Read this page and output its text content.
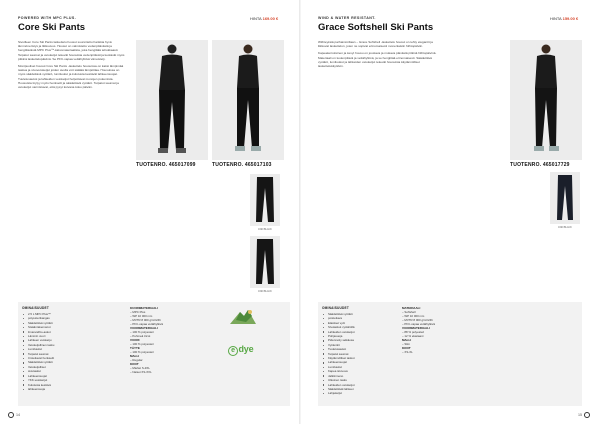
POWERED WITH MPC PLUS.	HINTA 169.00 €
Core Ski Pants

Sivuilleen Core Ski Pants laskettelu housut suunniteltu hankkia hyvä lämmöneristys ja liikkuvuus. Housut on valmistettu vedenpitävästä ja hengittävästä MPC Plus™-kalvomateriaalista, joka hengittää tehokkaasti. Teipatut saumat ja vetoketjut tekevät housuista vedenpitävät ja kestävät myös pitkinä laskettelupäivinä. Se PFC-vapaa vettähylkivä viimeistely.

Monipuoliset housut Core Ski Pants -laskettelu housuissa on kaksi lämpimää taskua ja sivuvetoketjut joiden avulla voit säätää lämpötilaa. Housuissa on myös säädettävä vyötärö, lumiluukut ja kulutusta kestävät lahkeensuojat. Tuuletusaukot ja lahkeiden vetoketjut helpottavat monojen pukemista. Housuista löytyy myös henkselit ja säädettävä vyötärö. Teipatut saumat ja vetoketjut varmistavat, että pysyt kuivana koko päivän.

TUOTENRO. 465017099	TUOTENRO. 465017103
1990 BLACK
1990 BLACK
OMINAISUUDET
2.5 L MPC Plus™
polyesterikangas
Säädettävä vyötärö
Sisäänrakennetut
ilmanvaihto-aukot
Lämmin vuori
Lahkeen vetoketju
Vetoketjullinen tasku
Lumiluukut
Teipatut saumat
Irrotettavat henkselit
Säädettävä vyötärö
Vetoketjulliset
sivutaskut
Lahkeensuojat
YKK-vetoketjut
Kulutusta kestävä
lahkeensuoja
KUORIMATERIAALI
– MPC Plus
– WP 10 000 mm
– MVTR 8 000 g/m²/24h
– PFC-vapaa vettähylkivä
VUORIMATERIAALI
– 100 % polyesteri
– Pehmeä tricot
VUORI
– 100 % polyesteri
TÄYTE
– 100 % polyesteri
MALLI
– Regular
KOOT
– Miehet S-3XL
– Naiset XS-XXL
e dye
14
WIND & WATER RESISTANT.	HINTA 159.00 €
Grace Softshell Ski Pants

Wiihteyksiä parhaimmillaan – Grace Softshell -laskettelu housut on tehty elegantit ja liikkuvat laskettelun, joten ne sopivat erinomaisesti monenlaisiin hiihtopäiviin.

Kapeakerroksinen ja kevyt housu on joustava ja mukava päivästä pitkinä hiihtopäivinä. Materiaali on tuulenpitävä ja vettähylkivä, ja se hengittää erinomaisesti. Säädettävä vyötärö, lumiluukut ja lahkeiden vetoketjut tekevät housuista käytännölliset laskettelukäyttöön.

TUOTENRO. 465017729
1990 BLACK
OMINAISUUDET
Säädettävä vyötärö
poistettava
Elastiset vyöt
Sivutaskut vyötäröllä
Lahkeiden vetoketjut
Pohjasuoja
Pidennetty selkäosa
Vyölenkit
Tuuletusaukot
Teipatut saumat
Käytännölliset taskut
Lahkeensuojat
Lumiluukut
Kapea istuvuus
Jalkiinmeno
Ulkoinen tasku
Lahkeiden vetoketjut
Säädettävät lahkeet
Lahjeketjut
MATERIAALI
– Softshell
– WP 10 000 mm
– MVTR 8 000 g/m²/24h
– PFC-vapaa vettähylkivä
VUORIMATERIAALI
– 88 % polyesteri
– 12 % elastaani
MALLI
– Slim
KOOT
– XS-XL
15
